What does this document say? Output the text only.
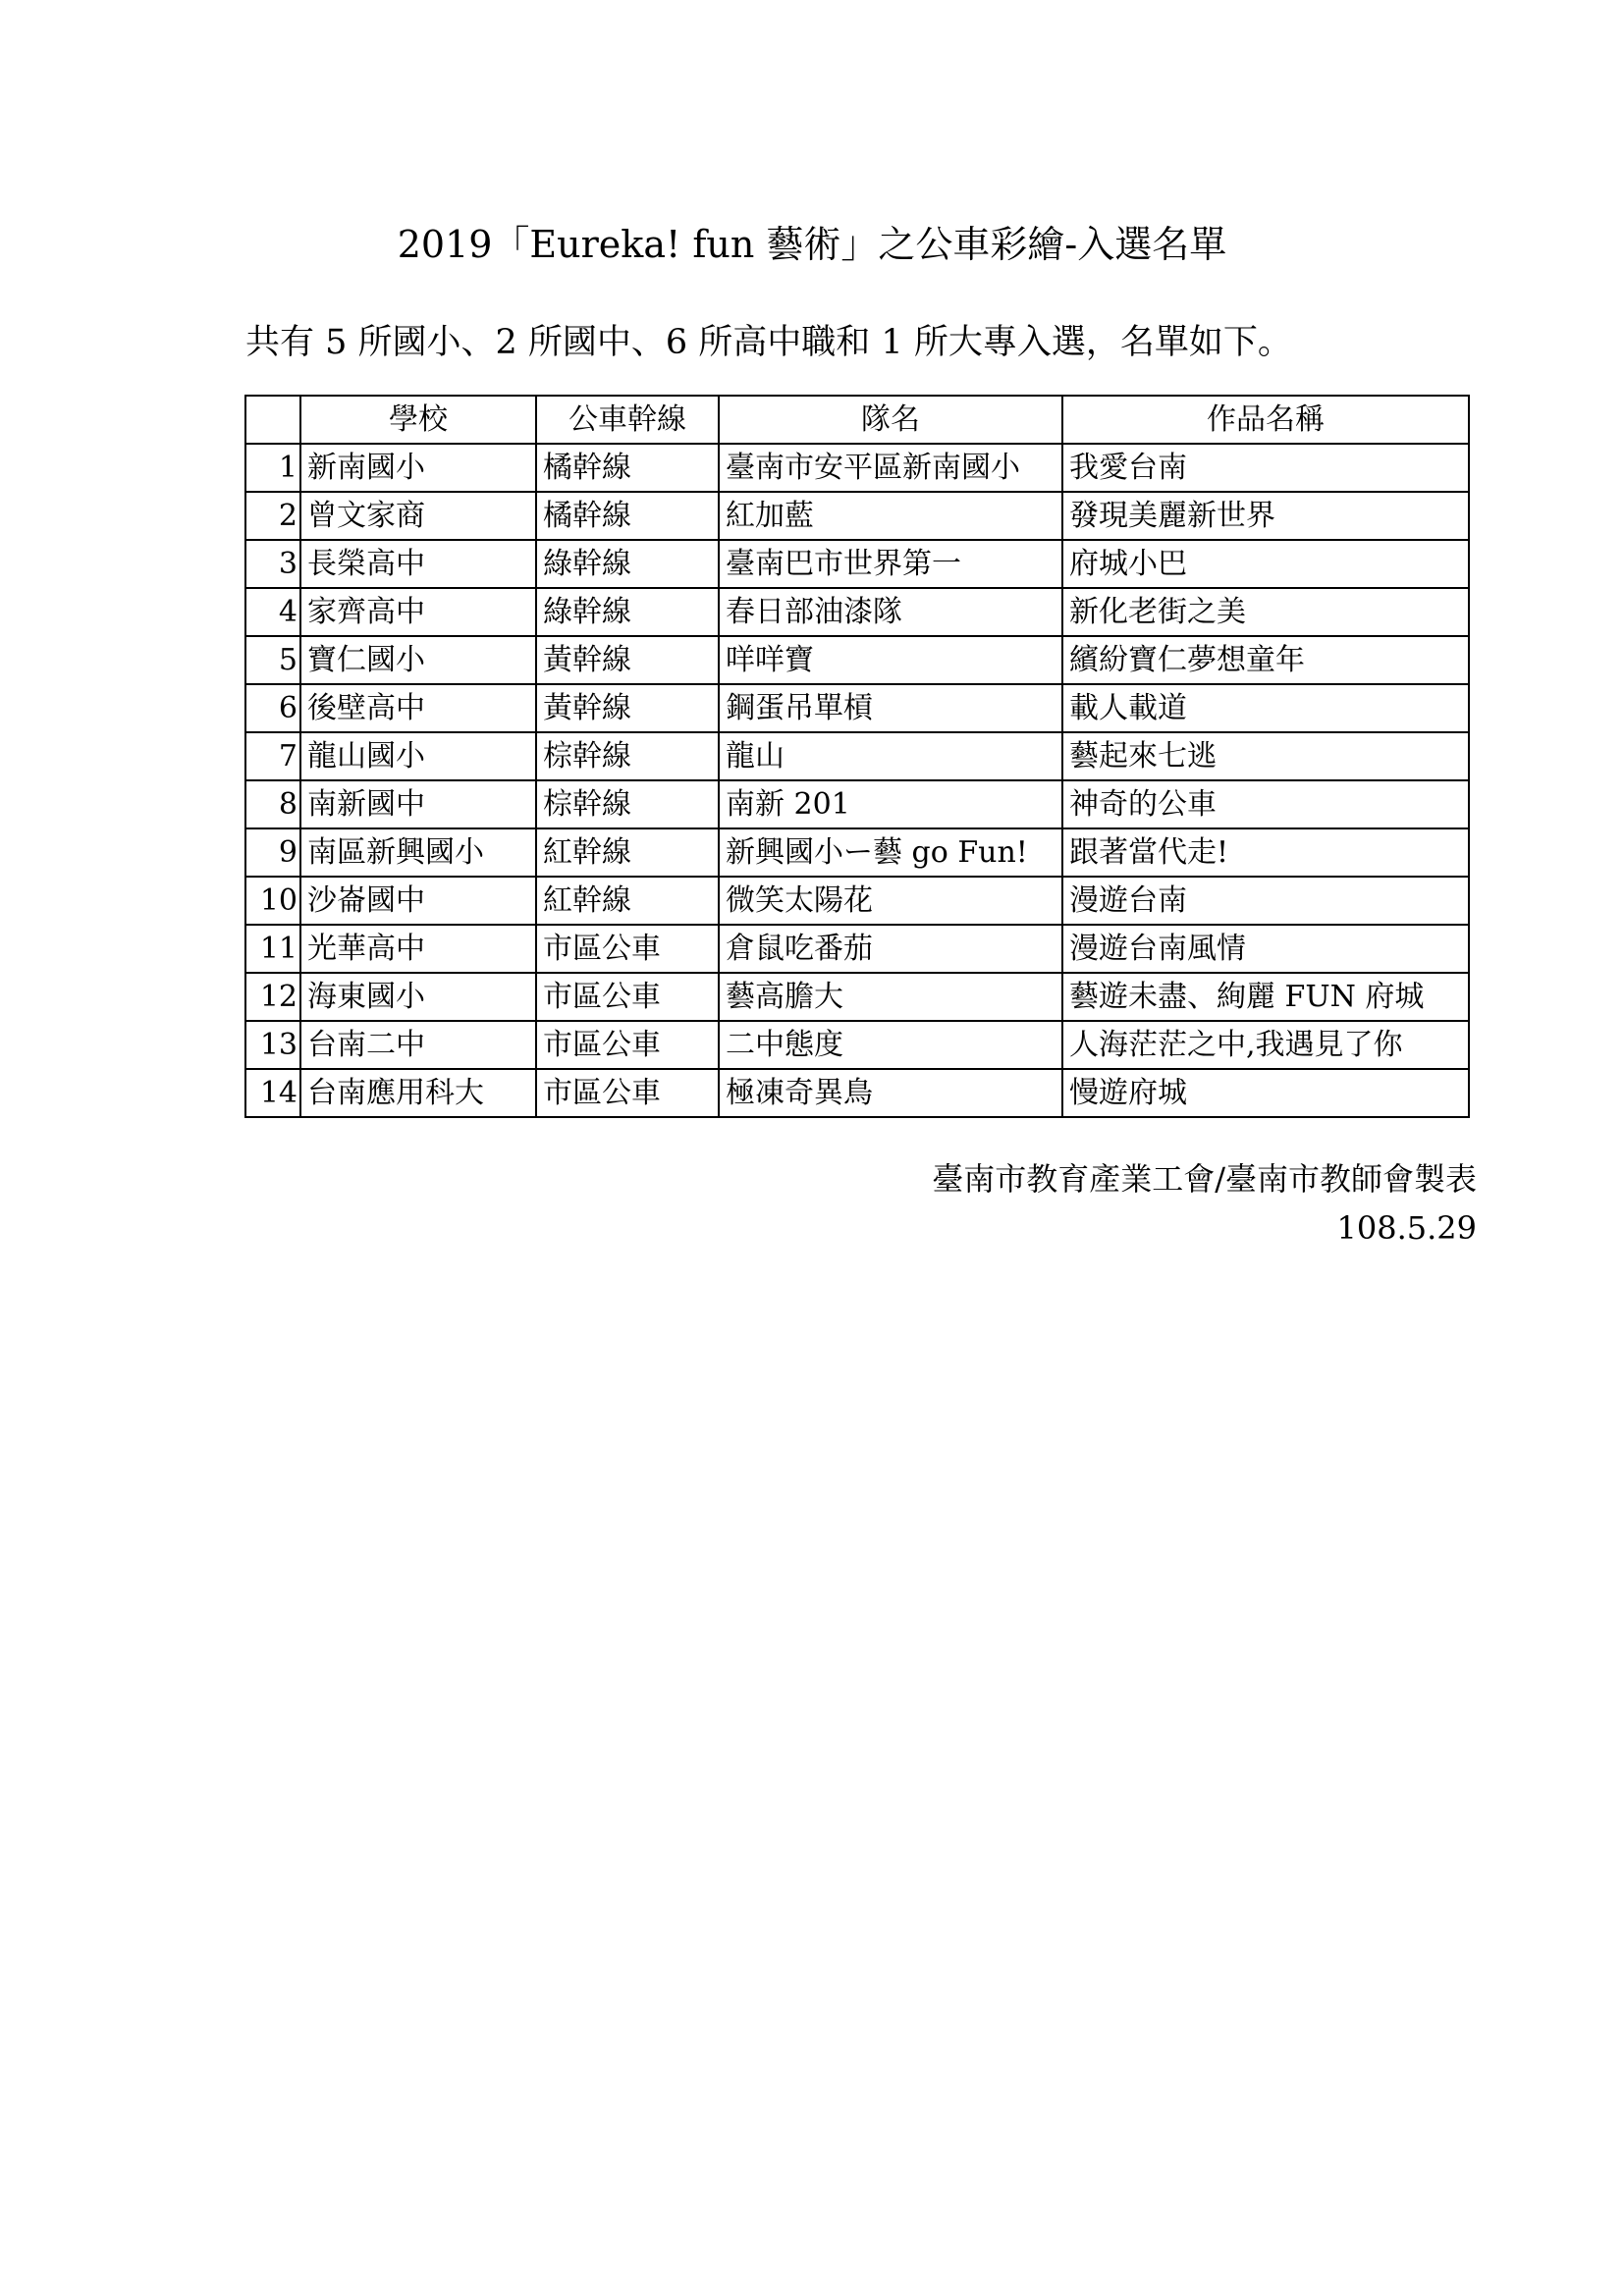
2019「Eureka! fun 藝術」之公車彩繪-入選名單
共有 5 所國小、2 所國中、6 所高中職和 1 所大專入選，名單如下。
	學校	公車幹線	隊名	作品名稱
1	新南國小	橘幹線	臺南市安平區新南國小	我愛台南
2	曾文家商	橘幹線	紅加藍	發現美麗新世界
3	長榮高中	綠幹線	臺南巴市世界第一	府城小巴
4	家齊高中	綠幹線	春日部油漆隊	新化老街之美
5	寶仁國小	黃幹線	咩咩寶	繽紛寶仁夢想童年
6	後壁高中	黃幹線	鋼蛋吊單槓	載人載道
7	龍山國小	棕幹線	龍山	藝起來七逃
8	南新國中	棕幹線	南新 201	神奇的公車
9	南區新興國小	紅幹線	新興國小ー藝 go Fun!	跟著當代走!
10	沙崙國中	紅幹線	微笑太陽花	漫遊台南
11	光華高中	市區公車	倉鼠吃番茄	漫遊台南風情
12	海東國小	市區公車	藝高膽大	藝遊未盡、絢麗 FUN 府城
13	台南二中	市區公車	二中態度	人海茫茫之中,我遇見了你
14	台南應用科大	市區公車	極凍奇異鳥	慢遊府城
臺南市教育產業工會/臺南市教師會製表
108.5.29
